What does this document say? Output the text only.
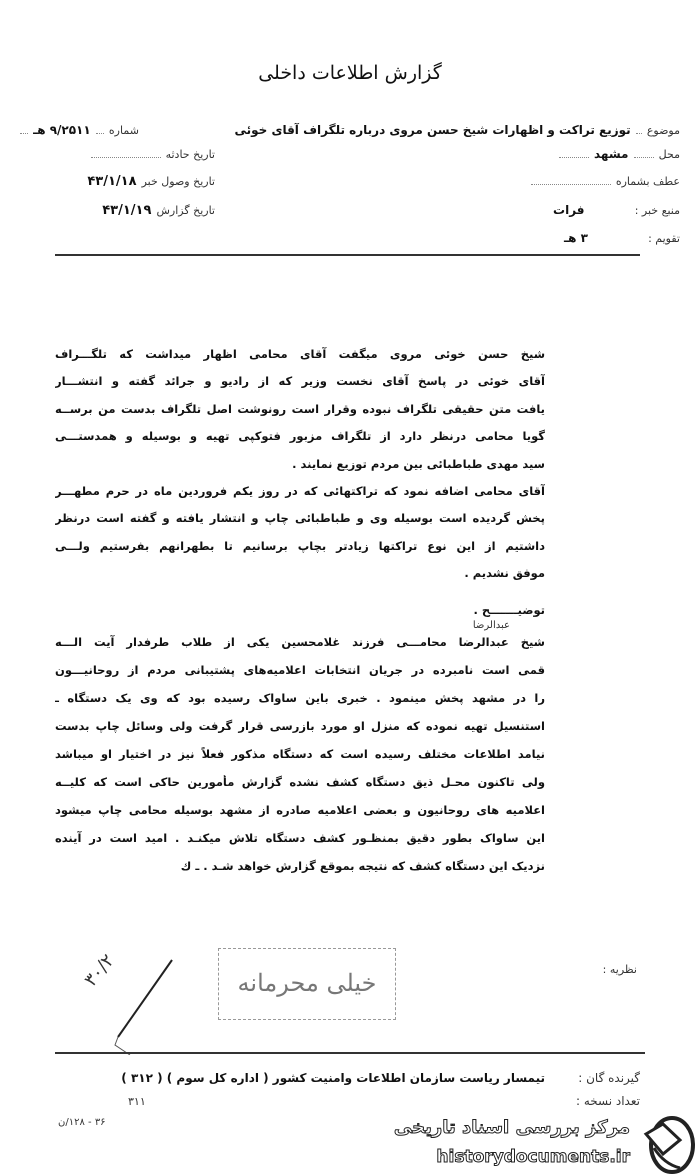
گزارش اطلاعات داخلی
موضوع  توزیع تراکت و اظهارات شیخ حسن مروی درباره تلگراف آقای خوئی
شماره  ۹/۲۵۱۱ هـ
محل  مشهد
تاریخ حادثه
عطف بشماره
تاریخ وصول خبر ۴۳/۱/۱۸
منبع خبر :  فرات
تاریخ گزارش ۴۳/۱/۱۹
تقویم :  ۳ هـ
شیخ حسن خوئی مروی میگفت آقای محامی اظهار میداشت که تلگـــراف
آقای خوئی در پاسخ آقای نخست وزیر که از رادیو و جرائد گفته و انتشـــار
یافت متن حقیقی تلگراف نبوده وقرار است رونوشت اصل تلگراف بدست من برســه
گویا محامی درنظر دارد از تلگراف مزبور فتوکپی تهیه و بوسیله و همدستـــی
سید مهدی طباطبائی بین مردم توزیع نمایند .
آقای محامی اضافه نمود که تراکتهائی که در روز یکم فروردین ماه در حرم مطهـــر
پخش گردیده است بوسیله وی و طباطبائی چاپ و انتشار یافته و گفته است درنظر
داشتیم از این نوع تراکتها زیادتر بچاپ برسانیم تا بطهرانهم بفرستیم ولـــی
موفق نشدیم .
توضیـــــــح .
شیخ عبدالرضا محامـــی فرزند غلامحسین یکی از طلاب طرفدار آیت الـــه
قمی است نامبرده در جریان انتخابات اعلامیه‌های پشتیبانی مردم از روحانیـــون
را در مشهد پخش مینمود . خبری باین ساواک رسیده بود که وی یک دستگاه ـ
استنسیل تهیه نموده که منزل او مورد بازرسی قرار گرفت ولی وسائل چاپ بدست
نیامد اطلاعات مختلف رسیده است که دستگاه مذکور فعلاً نیز در اختیار او میباشد
ولی تاکنون محـل ذیق دستگاه کشف نشده گزارش مأمورین حاکی است که کلیــه
اعلامیه های روحانیون و بعضی اعلامیه صادره از مشهد بوسیله محامی چاپ میشود
این ساواک بطور دقیق بمنظـور کشف دستگاه تلاش میکنـد . امید است در آینده
نزدیک این دستگاه کشف که نتیجه بموقع گزارش خواهد شـد . ـ ك
عبدالرضا
نظریه :
خیلی محرمانه
۳۰/۲
گیرنده گان :
تیمسار ریاست سازمان اطلاعات وامنیت کشور ( اداره کل سوم ) ( ۳۱۲ )
تعداد نسخه :
۳۱۱
۳۶ - ۱۲۸/ن	مرکز بررسی اسناد تاریخی
historydocuments.ir
